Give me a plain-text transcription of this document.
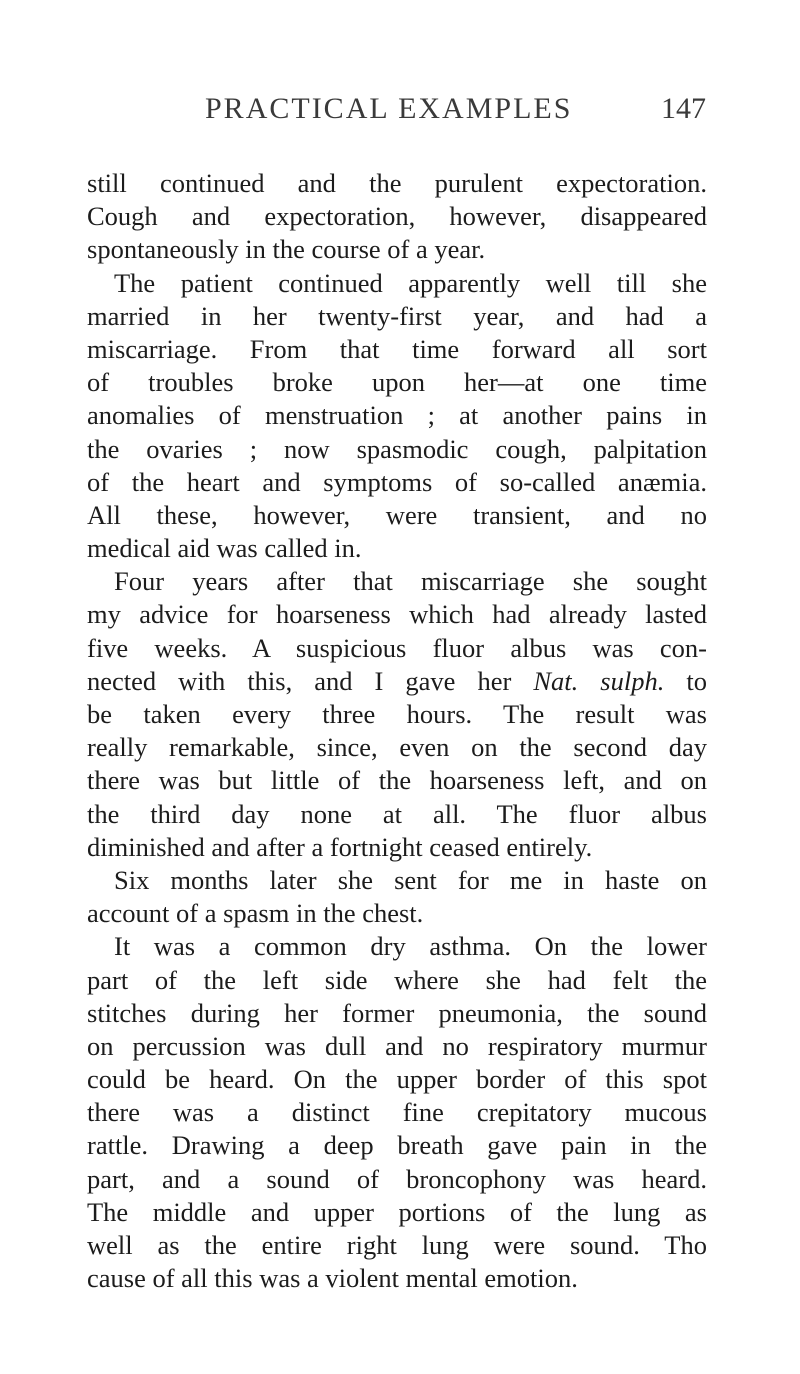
PRACTICAL EXAMPLES	147
still continued and the purulent expectoration.
Cough and expectoration, however, disappeared
spontaneously in the course of a year.
The patient continued apparently well till she
married in her twenty-first year, and had a
miscarriage. From that time forward all sort
of troubles broke upon her—at one time
anomalies of menstruation ; at another pains in
the ovaries ; now spasmodic cough, palpitation
of the heart and symptoms of so-called anæmia.
All these, however, were transient, and no
medical aid was called in.
Four years after that miscarriage she sought
my advice for hoarseness which had already lasted
five weeks. A suspicious fluor albus was con-
nected with this, and I gave her Nat. sulph. to
be taken every three hours. The result was
really remarkable, since, even on the second day
there was but little of the hoarseness left, and on
the third day none at all. The fluor albus
diminished and after a fortnight ceased entirely.
Six months later she sent for me in haste on
account of a spasm in the chest.
It was a common dry asthma. On the lower
part of the left side where she had felt the
stitches during her former pneumonia, the sound
on percussion was dull and no respiratory murmur
could be heard. On the upper border of this spot
there was a distinct fine crepitatory mucous
rattle. Drawing a deep breath gave pain in the
part, and a sound of broncophony was heard.
The middle and upper portions of the lung as
well as the entire right lung were sound. Tho
cause of all this was a violent mental emotion.
